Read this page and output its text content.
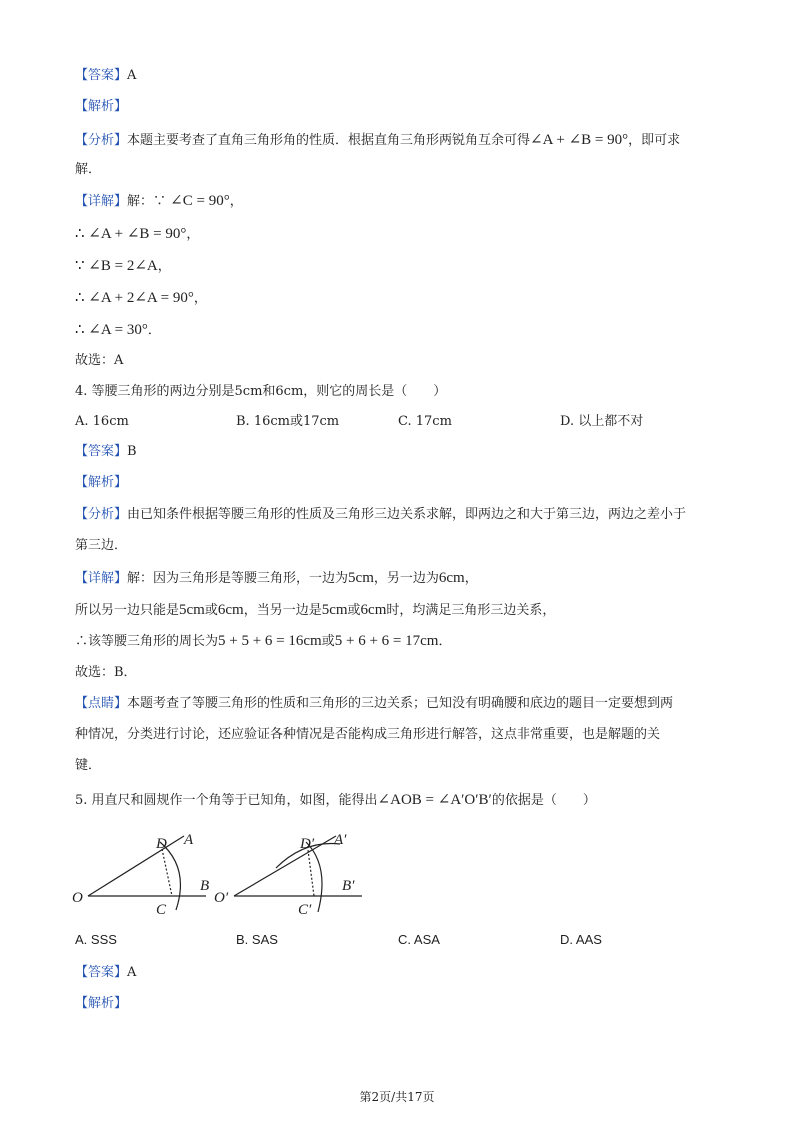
【答案】A
【解析】
【分析】本题主要考查了直角三角形角的性质．根据直角三角形两锐角互余可得∠A + ∠B = 90°，即可求
解．
【详解】解：∵ ∠C = 90°，
∴ ∠A + ∠B = 90°，
∵ ∠B = 2∠A，
∴ ∠A + 2∠A = 90°，
∴ ∠A = 30°．
故选：A
4. 等腰三角形的两边分别是5cm和6cm，则它的周长是（　　）
A. 16cm	B. 16cm或17cm	C. 17cm	D. 以上都不对
【答案】B
【解析】
【分析】由已知条件根据等腰三角形的性质及三角形三边关系求解，即两边之和大于第三边，两边之差小于
第三边．
【详解】解：因为三角形是等腰三角形，一边为5cm，另一边为6cm，
所以另一边只能是5cm或6cm，当另一边是5cm或6cm时，均满足三角形三边关系，
∴该等腰三角形的周长为5 + 5 + 6 = 16cm或5 + 6 + 6 = 17cm．
故选：B．
【点睛】本题考查了等腰三角形的性质和三角形的三边关系；已知没有明确腰和底边的题目一定要想到两
种情况，分类进行讨论，还应验证各种情况是否能构成三角形进行解答，这点非常重要，也是解题的关
键．
5. 用直尺和圆规作一个角等于已知角，如图，能得出∠AOB = ∠A′O′B′的依据是（　　）
D A
O
C
B
D′ A′
O′
C′
B′
A. SSS	B. SAS	C. ASA	D. AAS
【答案】A
【解析】
第2页/共17页
